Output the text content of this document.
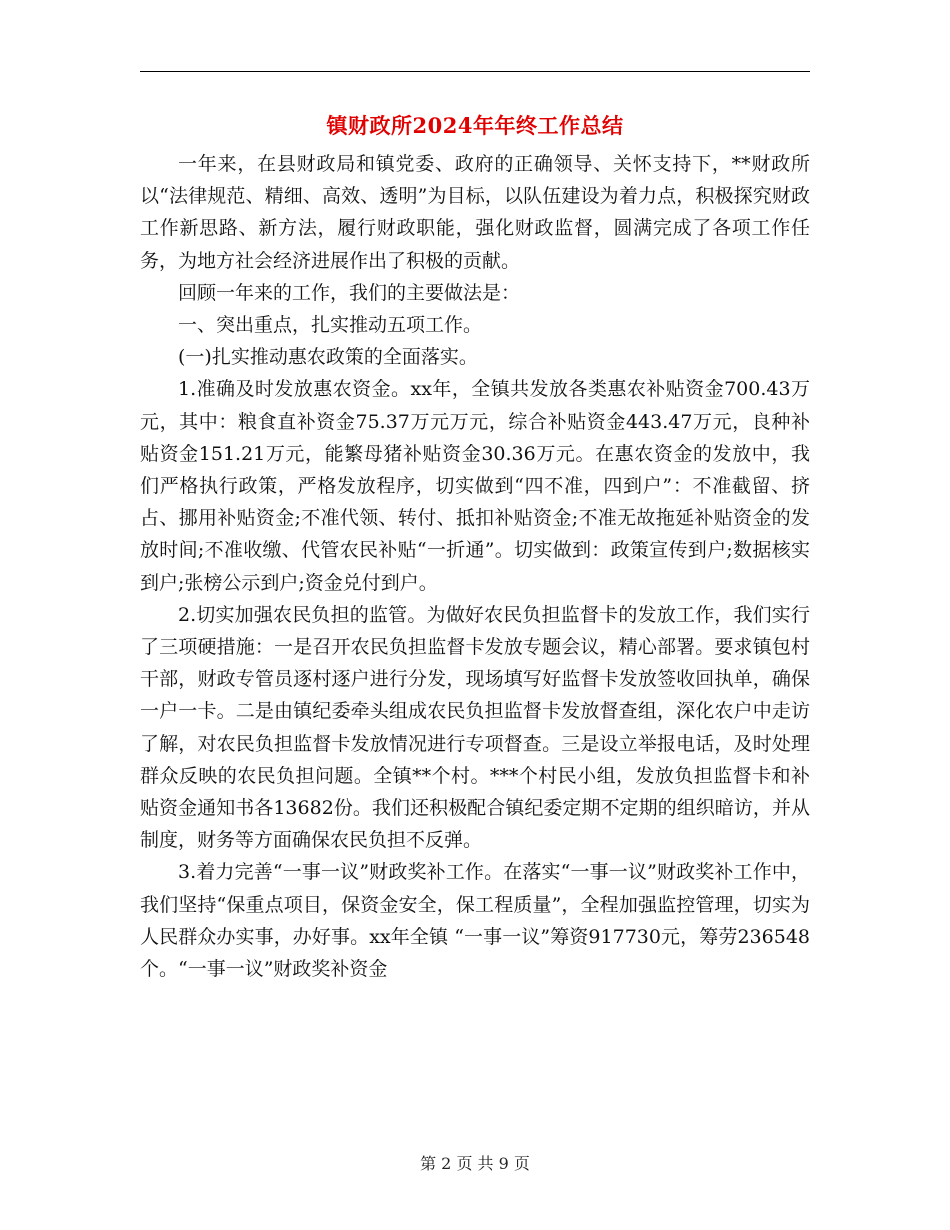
镇财政所2024年年终工作总结

一年来，在县财政局和镇党委、政府的正确领导、关怀支持下，**财政所以“法律规范、精细、高效、透明”为目标，以队伍建设为着力点，积极探究财政工作新思路、新方法，履行财政职能，强化财政监督，圆满完成了各项工作任务，为地方社会经济进展作出了积极的贡献。

回顾一年来的工作，我们的主要做法是：

一、突出重点，扎实推动五项工作。

(一)扎实推动惠农政策的全面落实。

1.准确及时发放惠农资金。xx年，全镇共发放各类惠农补贴资金700.43万元，其中：粮食直补资金75.37万元万元，综合补贴资金443.47万元，良种补贴资金151.21万元，能繁母猪补贴资金30.36万元。在惠农资金的发放中，我们严格执行政策，严格发放程序，切实做到“四不准，四到户”：不准截留、挤占、挪用补贴资金;不准代领、转付、抵扣补贴资金;不准无故拖延补贴资金的发放时间;不准收缴、代管农民补贴“一折通”。切实做到：政策宣传到户;数据核实到户;张榜公示到户;资金兑付到户。

2.切实加强农民负担的监管。为做好农民负担监督卡的发放工作，我们实行了三项硬措施：一是召开农民负担监督卡发放专题会议，精心部署。要求镇包村干部，财政专管员逐村逐户进行分发，现场填写好监督卡发放签收回执单，确保一户一卡。二是由镇纪委牵头组成农民负担监督卡发放督查组，深化农户中走访了解，对农民负担监督卡发放情况进行专项督查。三是设立举报电话，及时处理群众反映的农民负担问题。全镇**个村。***个村民小组，发放负担监督卡和补贴资金通知书各13682份。我们还积极配合镇纪委定期不定期的组织暗访，并从制度，财务等方面确保农民负担不反弹。

3.着力完善“一事一议”财政奖补工作。在落实“一事一议”财政奖补工作中，我们坚持“保重点项目，保资金安全，保工程质量”，全程加强监控管理，切实为人民群众办实事，办好事。xx年全镇 “一事一议”筹资917730元，筹劳236548个。“一事一议”财政奖补资金

第 2 页 共 9 页
